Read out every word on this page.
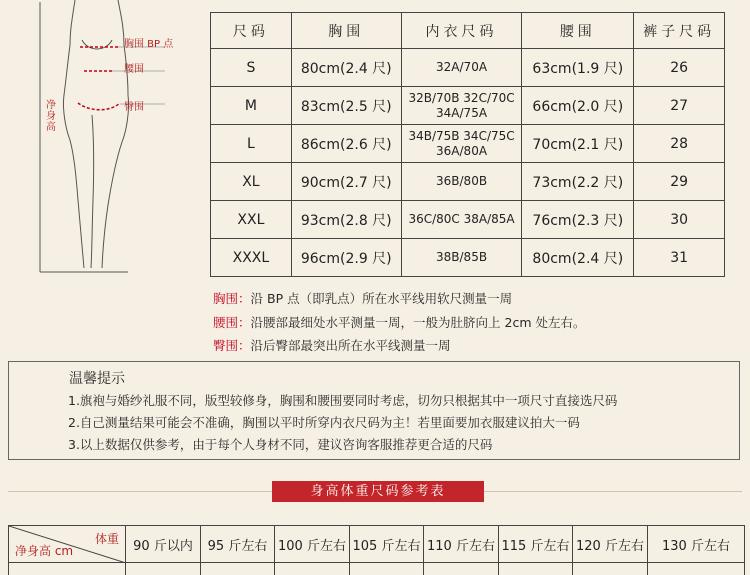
胸围 BP 点
腰围
臀围
净身高
尺码	胸围	内衣尺码	腰围	裤子尺码
S	80cm(2.4 尺)	32A/70A	63cm(1.9 尺)	26
M	83cm(2.5 尺)	32B/70B 32C/70C 34A/75A	66cm(2.0 尺)	27
L	86cm(2.6 尺)	34B/75B 34C/75C 36A/80A	70cm(2.1 尺)	28
XL	90cm(2.7 尺)	36B/80B	73cm(2.2 尺)	29
XXL	93cm(2.8 尺)	36C/80C 38A/85A	76cm(2.3 尺)	30
XXXL	96cm(2.9 尺)	38B/85B	80cm(2.4 尺)	31
胸围：沿 BP 点（即乳点）所在水平线用软尺测量一周
腰围：沿腰部最细处水平测量一周，一般为肚脐向上 2cm 处左右。
臀围：沿后臀部最突出所在水平线测量一周
温馨提示
1.旗袍与婚纱礼服不同，版型较修身，胸围和腰围要同时考虑，切勿只根据其中一项尺寸直接选尺码
2.自己测量结果可能会不准确，胸围以平时所穿内衣尺码为主！若里面要加衣服建议拍大一码
3.以上数据仅供参考，由于每个人身材不同，建议咨询客服推荐更合适的尺码
身高体重尺码参考表
体重
净身高 cm	90 斤以内	95 斤左右	100 斤左右	105 斤左右	110 斤左右	115 斤左右	120 斤左右	130 斤左右
